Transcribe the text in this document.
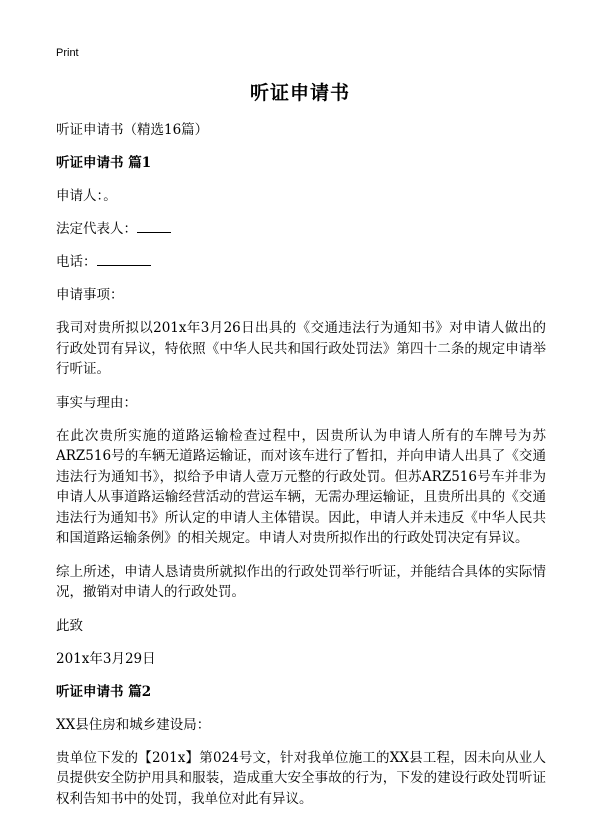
Print
听证申请书

听证申请书（精选16篇）

听证申请书 篇1

申请人：。

法定代表人：

电话：

申请事项：

我司对贵所拟以201x年3月26日出具的《交通违法行为通知书》对申请人做出的行政处罚有异议，特依照《中华人民共和国行政处罚法》第四十二条的规定申请举行听证。

事实与理由：

在此次贵所实施的道路运输检查过程中，因贵所认为申请人所有的车牌号为苏ARZ516号的车辆无道路运输证，而对该车进行了暂扣，并向申请人出具了《交通违法行为通知书》，拟给予申请人壹万元整的行政处罚。但苏ARZ516号车并非为申请人从事道路运输经营活动的营运车辆，无需办理运输证，且贵所出具的《交通违法行为通知书》所认定的申请人主体错误。因此，申请人并未违反《中华人民共和国道路运输条例》的相关规定。申请人对贵所拟作出的行政处罚决定有异议。

综上所述，申请人恳请贵所就拟作出的行政处罚举行听证，并能结合具体的实际情况，撤销对申请人的行政处罚。

此致

201x年3月29日

听证申请书 篇2

XX县住房和城乡建设局：

贵单位下发的【201x】第024号文，针对我单位施工的XX县工程，因未向从业人员提供安全防护用具和服装，造成重大安全事故的行为，下发的建设行政处罚听证权利告知书中的处罚，我单位对此有异议。
